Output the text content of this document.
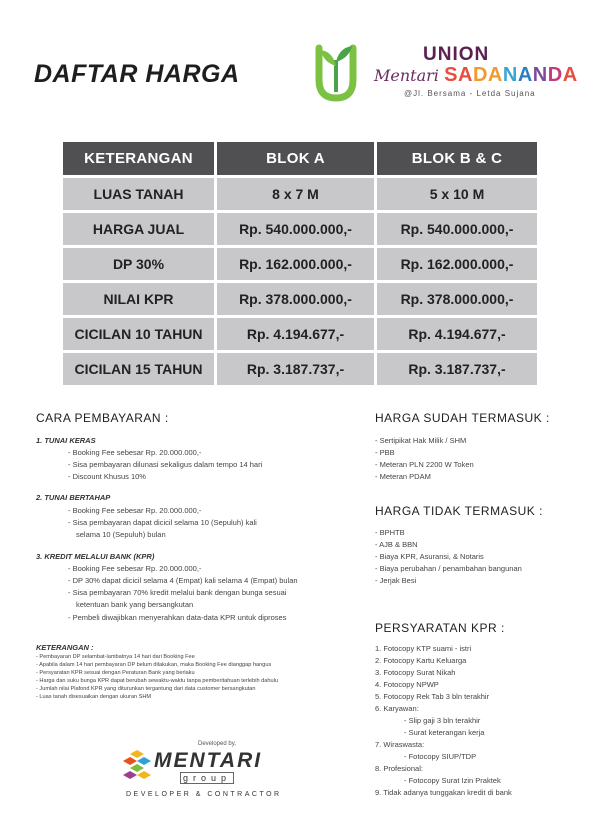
DAFTAR HARGA
UNION
Mentari SADANANDA
@Jl. Bersama - Letda Sujana
KETERANGAN	BLOK A	BLOK B & C
LUAS TANAH	8 x 7 M	5 x 10 M
HARGA JUAL	Rp. 540.000.000,-	Rp. 540.000.000,-
DP 30%	Rp. 162.000.000,-	Rp. 162.000.000,-
NILAI KPR	Rp. 378.000.000,-	Rp. 378.000.000,-
CICILAN 10 TAHUN	Rp. 4.194.677,-	Rp. 4.194.677,-
CICILAN 15 TAHUN	Rp. 3.187.737,-	Rp. 3.187.737,-
CARA PEMBAYARAN :
1. TUNAI KERAS
- Booking Fee sebesar Rp. 20.000.000,-
- Sisa pembayaran dilunasi sekaligus dalam tempo 14 hari
- Discount Khusus 10%
2. TUNAI BERTAHAP
- Booking Fee sebesar Rp. 20.000.000,-
- Sisa pembayaran dapat dicicil selama 10 (Sepuluh) kali
selama 10 (Sepuluh) bulan
3. KREDIT MELALUI BANK (KPR)
- Booking Fee sebesar Rp. 20.000.000,-
- DP 30% dapat dicicil selama 4 (Empat) kali selama 4 (Empat) bulan
- Sisa pembayaran 70% kredit melalui bank dengan bunga sesuai
ketentuan bank yang bersangkutan
- Pembeli diwajibkan menyerahkan data-data KPR untuk diproses
KETERANGAN :
- Pembayaran DP selambat-lambatnya 14 hari dari Booking Fee
- Apabila dalam 14 hari pembayaran DP belum dilakukan, maka Booking Fee dianggap hangus
- Persyaratan KPR sesuai dengan Peraturan Bank yang berlaku
- Harga dan suku bunga KPR dapat berubah sewaktu-waktu tanpa pemberitahuan terlebih dahulu
- Jumlah nilai Plafond KPR yang diturunkan tergantung dari data customer bersangkutan
- Luas tanah disesuaikan dengan ukuran SHM
HARGA SUDAH TERMASUK :
- Sertipikat Hak Milik / SHM
- PBB
- Meteran PLN 2200 W Token
- Meteran PDAM
HARGA TIDAK TERMASUK :
- BPHTB
- AJB & BBN
- Biaya KPR, Asuransi, & Notaris
- Biaya perubahan / penambahan bangunan
- Jerjak Besi
PERSYARATAN KPR :
1. Fotocopy KTP suami - istri
2. Fotocopy Kartu Keluarga
3. Fotocopy Surat Nikah
4. Fotocopy NPWP
5. Fotocopy Rek Tab 3 bln terakhir
6. Karyawan:
- Slip gaji 3 bln terakhir
- Surat keterangan kerja
7. Wiraswasta:
- Fotocopy SIUP/TDP
8. Profesional:
- Fotocopy Surat Izin Praktek
9. Tidak adanya tunggakan kredit di bank
Developed by,
MENTARI
group
DEVELOPER & CONTRACTOR
